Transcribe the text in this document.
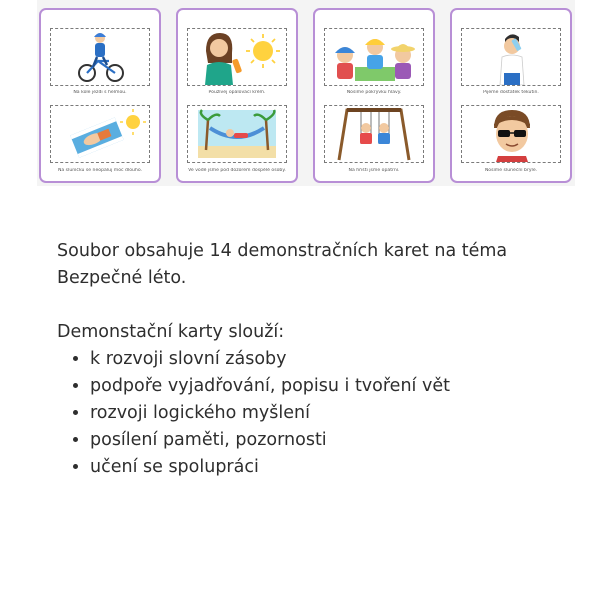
Na kole jezdi s helmou.
Na sluníčku se neopaluj moc dlouho.
Používej opalovací krém.
Ve vodě jsme pod dozorem dospělé osoby.
Nosíme pokrývku hlavy.
Na hřišti jsme opatrní.
Pijeme dostatek tekutin.
Nosíme sluneční brýle.

Soubor obsahuje 14 demonstračních karet na téma

Bezpečné léto.

Demonstační karty slouží:

• k rozvoji slovní zásoby
• podpoře vyjadřování, popisu i tvoření vět
• rozvoji logického myšlení
• posílení paměti, pozornosti
• učení se spolupráci
